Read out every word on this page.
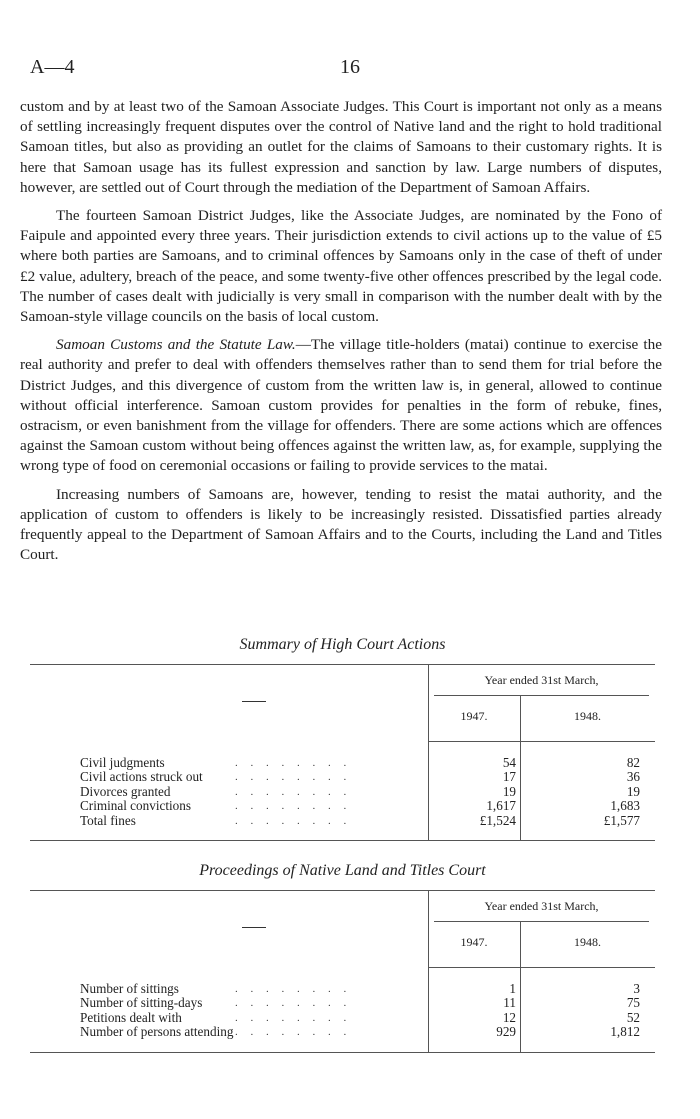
A—4	16

custom and by at least two of the Samoan Associate Judges. This Court is important not only as a means of settling increasingly frequent disputes over the control of Native land and the right to hold traditional Samoan titles, but also as providing an outlet for the claims of Samoans to their customary rights. It is here that Samoan usage has its fullest expression and sanction by law. Large numbers of disputes, however, are settled out of Court through the mediation of the Department of Samoan Affairs.

The fourteen Samoan District Judges, like the Associate Judges, are nominated by the Fono of Faipule and appointed every three years. Their jurisdiction extends to civil actions up to the value of £5 where both parties are Samoans, and to criminal offences by Samoans only in the case of theft of under £2 value, adultery, breach of the peace, and some twenty-five other offences prescribed by the legal code. The number of cases dealt with judicially is very small in comparison with the number dealt with by the Samoan-style village councils on the basis of local custom.

Samoan Customs and the Statute Law.—The village title-holders (matai) continue to exercise the real authority and prefer to deal with offenders themselves rather than to send them for trial before the District Judges, and this divergence of custom from the written law is, in general, allowed to continue without official interference. Samoan custom provides for penalties in the form of rebuke, fines, ostracism, or even banishment from the village for offenders. There are some actions which are offences against the Samoan custom without being offences against the written law, as, for example, supplying the wrong type of food on ceremonial occasions or failing to provide services to the matai.

Increasing numbers of Samoans are, however, tending to resist the matai authority, and the application of custom to offenders is likely to be increasingly resisted. Dissatisfied parties already frequently appeal to the Department of Samoan Affairs and to the Courts, including the Land and Titles Court.

Summary of High Court Actions

Year ended 31st March,
1947.	1948.
Civil judgments	. . . . . . . .	54	82
Civil actions struck out	. . . . . . . .	17	36
Divorces granted	. . . . . . . .	19	19
Criminal convictions	. . . . . . . .	1,617	1,683
Total fines	. . . . . . . .	£1,524	£1,577

Proceedings of Native Land and Titles Court

Year ended 31st March,
1947.	1948.
Number of sittings	. . . . . . . .	1	3
Number of sitting-days	. . . . . . . .	11	75
Petitions dealt with	. . . . . . . .	12	52
Number of persons attending . . . . . . . .	929	1,812
